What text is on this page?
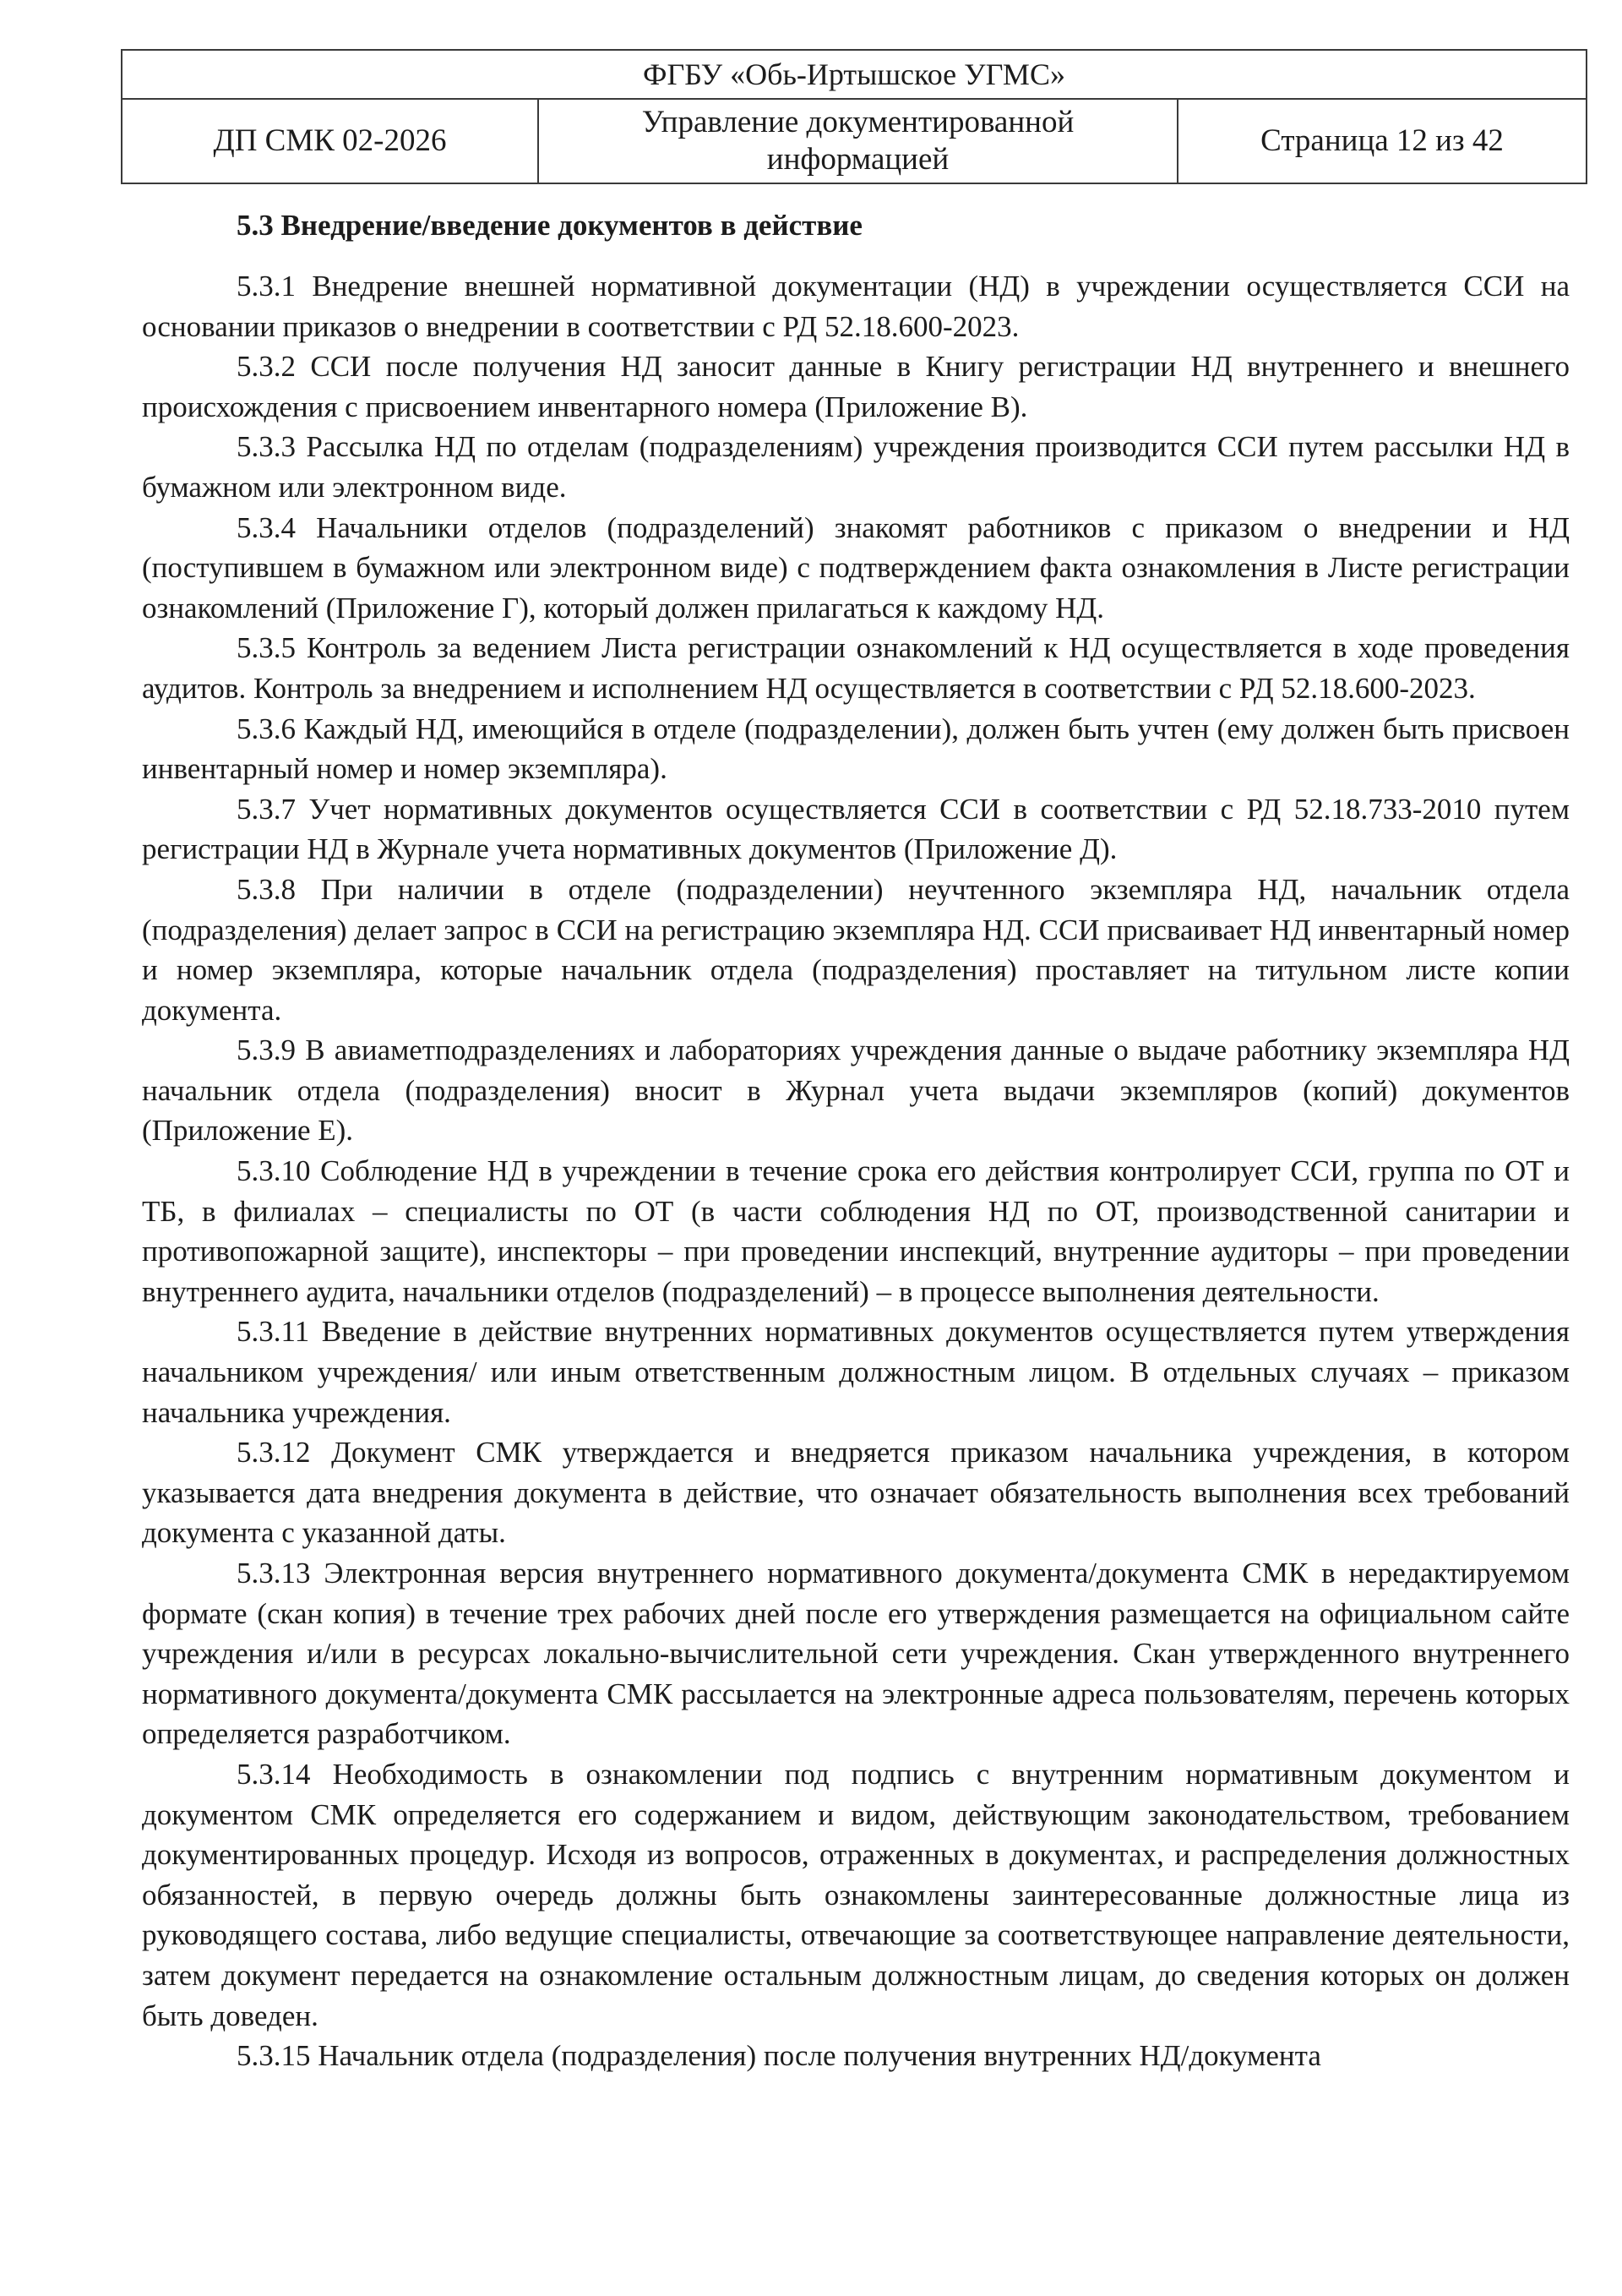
ФГБУ «Обь-Иртышское УГМС»
ДП СМК 02-2026
Управление документированной информацией
Страница 12 из 42
5.3 Внедрение/введение документов в действие

5.3.1 Внедрение внешней нормативной документации (НД) в учреждении осуществляется ССИ на основании приказов о внедрении в соответствии с РД 52.18.600-2023.

5.3.2 ССИ после получения НД заносит данные в Книгу регистрации НД внутреннего и внешнего происхождения с присвоением инвентарного номера (Приложение В).

5.3.3 Рассылка НД по отделам (подразделениям) учреждения производится ССИ путем рассылки НД в бумажном или электронном виде.

5.3.4 Начальники отделов (подразделений) знакомят работников с приказом о внедрении и НД (поступившем в бумажном или электронном виде) с подтверждением факта ознакомления в Листе регистрации ознакомлений (Приложение Г), который должен прилагаться к каждому НД.

5.3.5 Контроль за ведением Листа регистрации ознакомлений к НД осуществляется в ходе проведения аудитов. Контроль за внедрением и исполнением НД осуществляется в соответствии с РД 52.18.600-2023.

5.3.6 Каждый НД, имеющийся в отделе (подразделении), должен быть учтен (ему должен быть присвоен инвентарный номер и номер экземпляра).

5.3.7 Учет нормативных документов осуществляется ССИ в соответствии с РД 52.18.733-2010 путем регистрации НД в Журнале учета нормативных документов (Приложение Д).

5.3.8 При наличии в отделе (подразделении) неучтенного экземпляра НД, начальник отдела (подразделения) делает запрос в ССИ на регистрацию экземпляра НД. ССИ присваивает НД инвентарный номер и номер экземпляра, которые начальник отдела (подразделения) проставляет на титульном листе копии документа.

5.3.9 В авиаметподразделениях и лабораториях учреждения данные о выдаче работнику экземпляра НД начальник отдела (подразделения) вносит в Журнал учета выдачи экземпляров (копий) документов (Приложение Е).

5.3.10 Соблюдение НД в учреждении в течение срока его действия контролирует ССИ, группа по ОТ и ТБ, в филиалах – специалисты по ОТ (в части соблюдения НД по ОТ, производственной санитарии и противопожарной защите), инспекторы – при проведении инспекций, внутренние аудиторы – при проведении внутреннего аудита, начальники отделов (подразделений) – в процессе выполнения деятельности.

5.3.11 Введение в действие внутренних нормативных документов осуществляется путем утверждения начальником учреждения/ или иным ответственным должностным лицом. В отдельных случаях – приказом начальника учреждения.

5.3.12 Документ СМК утверждается и внедряется приказом начальника учреждения, в котором указывается дата внедрения документа в действие, что означает обязательность выполнения всех требований документа с указанной даты.

5.3.13 Электронная версия внутреннего нормативного документа/документа СМК в нередактируемом формате (скан копия) в течение трех рабочих дней после его утверждения размещается на официальном сайте учреждения и/или в ресурсах локально-вычислительной сети учреждения. Скан утвержденного внутреннего нормативного документа/документа СМК рассылается на электронные адреса пользователям, перечень которых определяется разработчиком.

5.3.14 Необходимость в ознакомлении под подпись с внутренним нормативным документом и документом СМК определяется его содержанием и видом, действующим законодательством, требованием документированных процедур. Исходя из вопросов, отраженных в документах, и распределения должностных обязанностей, в первую очередь должны быть ознакомлены заинтересованные должностные лица из руководящего состава, либо ведущие специалисты, отвечающие за соответствующее направление деятельности, затем документ передается на ознакомление остальным должностным лицам, до сведения которых он должен быть доведен.

5.3.15 Начальник отдела (подразделения) после получения внутренних НД/документа
